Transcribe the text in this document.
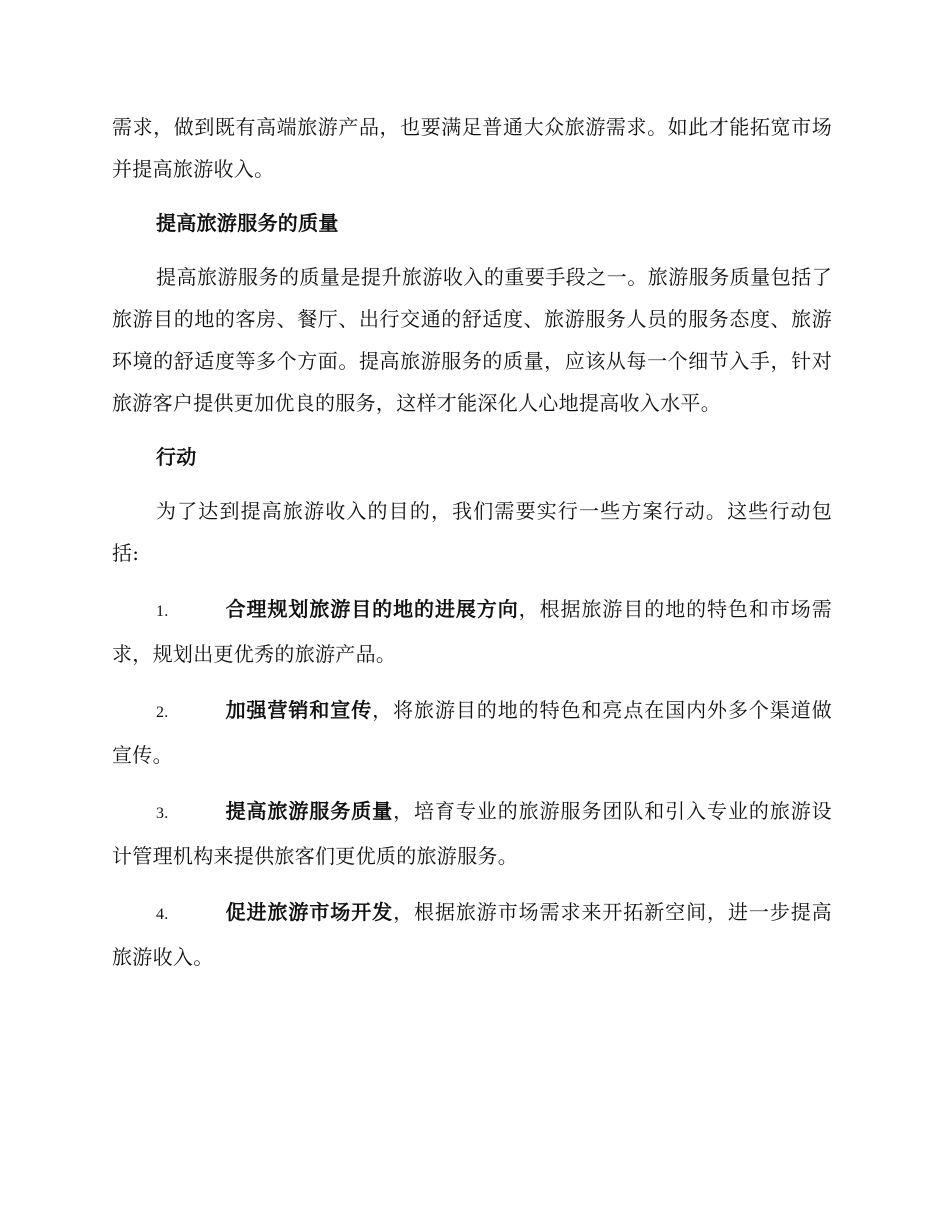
需求，做到既有高端旅游产品，也要满足普通大众旅游需求。如此才能拓宽市场并提高旅游收入。

提高旅游服务的质量

提高旅游服务的质量是提升旅游收入的重要手段之一。旅游服务质量包括了旅游目的地的客房、餐厅、出行交通的舒适度、旅游服务人员的服务态度、旅游环境的舒适度等多个方面。提高旅游服务的质量，应该从每一个细节入手，针对旅游客户提供更加优良的服务，这样才能深化人心地提高收入水平。

行动

为了达到提高旅游收入的目的，我们需要实行一些方案行动。这些行动包括:

1.	合理规划旅游目的地的进展方向，根据旅游目的地的特色和市场需求，规划出更优秀的旅游产品。

2.	加强营销和宣传，将旅游目的地的特色和亮点在国内外多个渠道做宣传。

3.	提高旅游服务质量，培育专业的旅游服务团队和引入专业的旅游设计管理机构来提供旅客们更优质的旅游服务。

4.	促进旅游市场开发，根据旅游市场需求来开拓新空间，进一步提高旅游收入。
